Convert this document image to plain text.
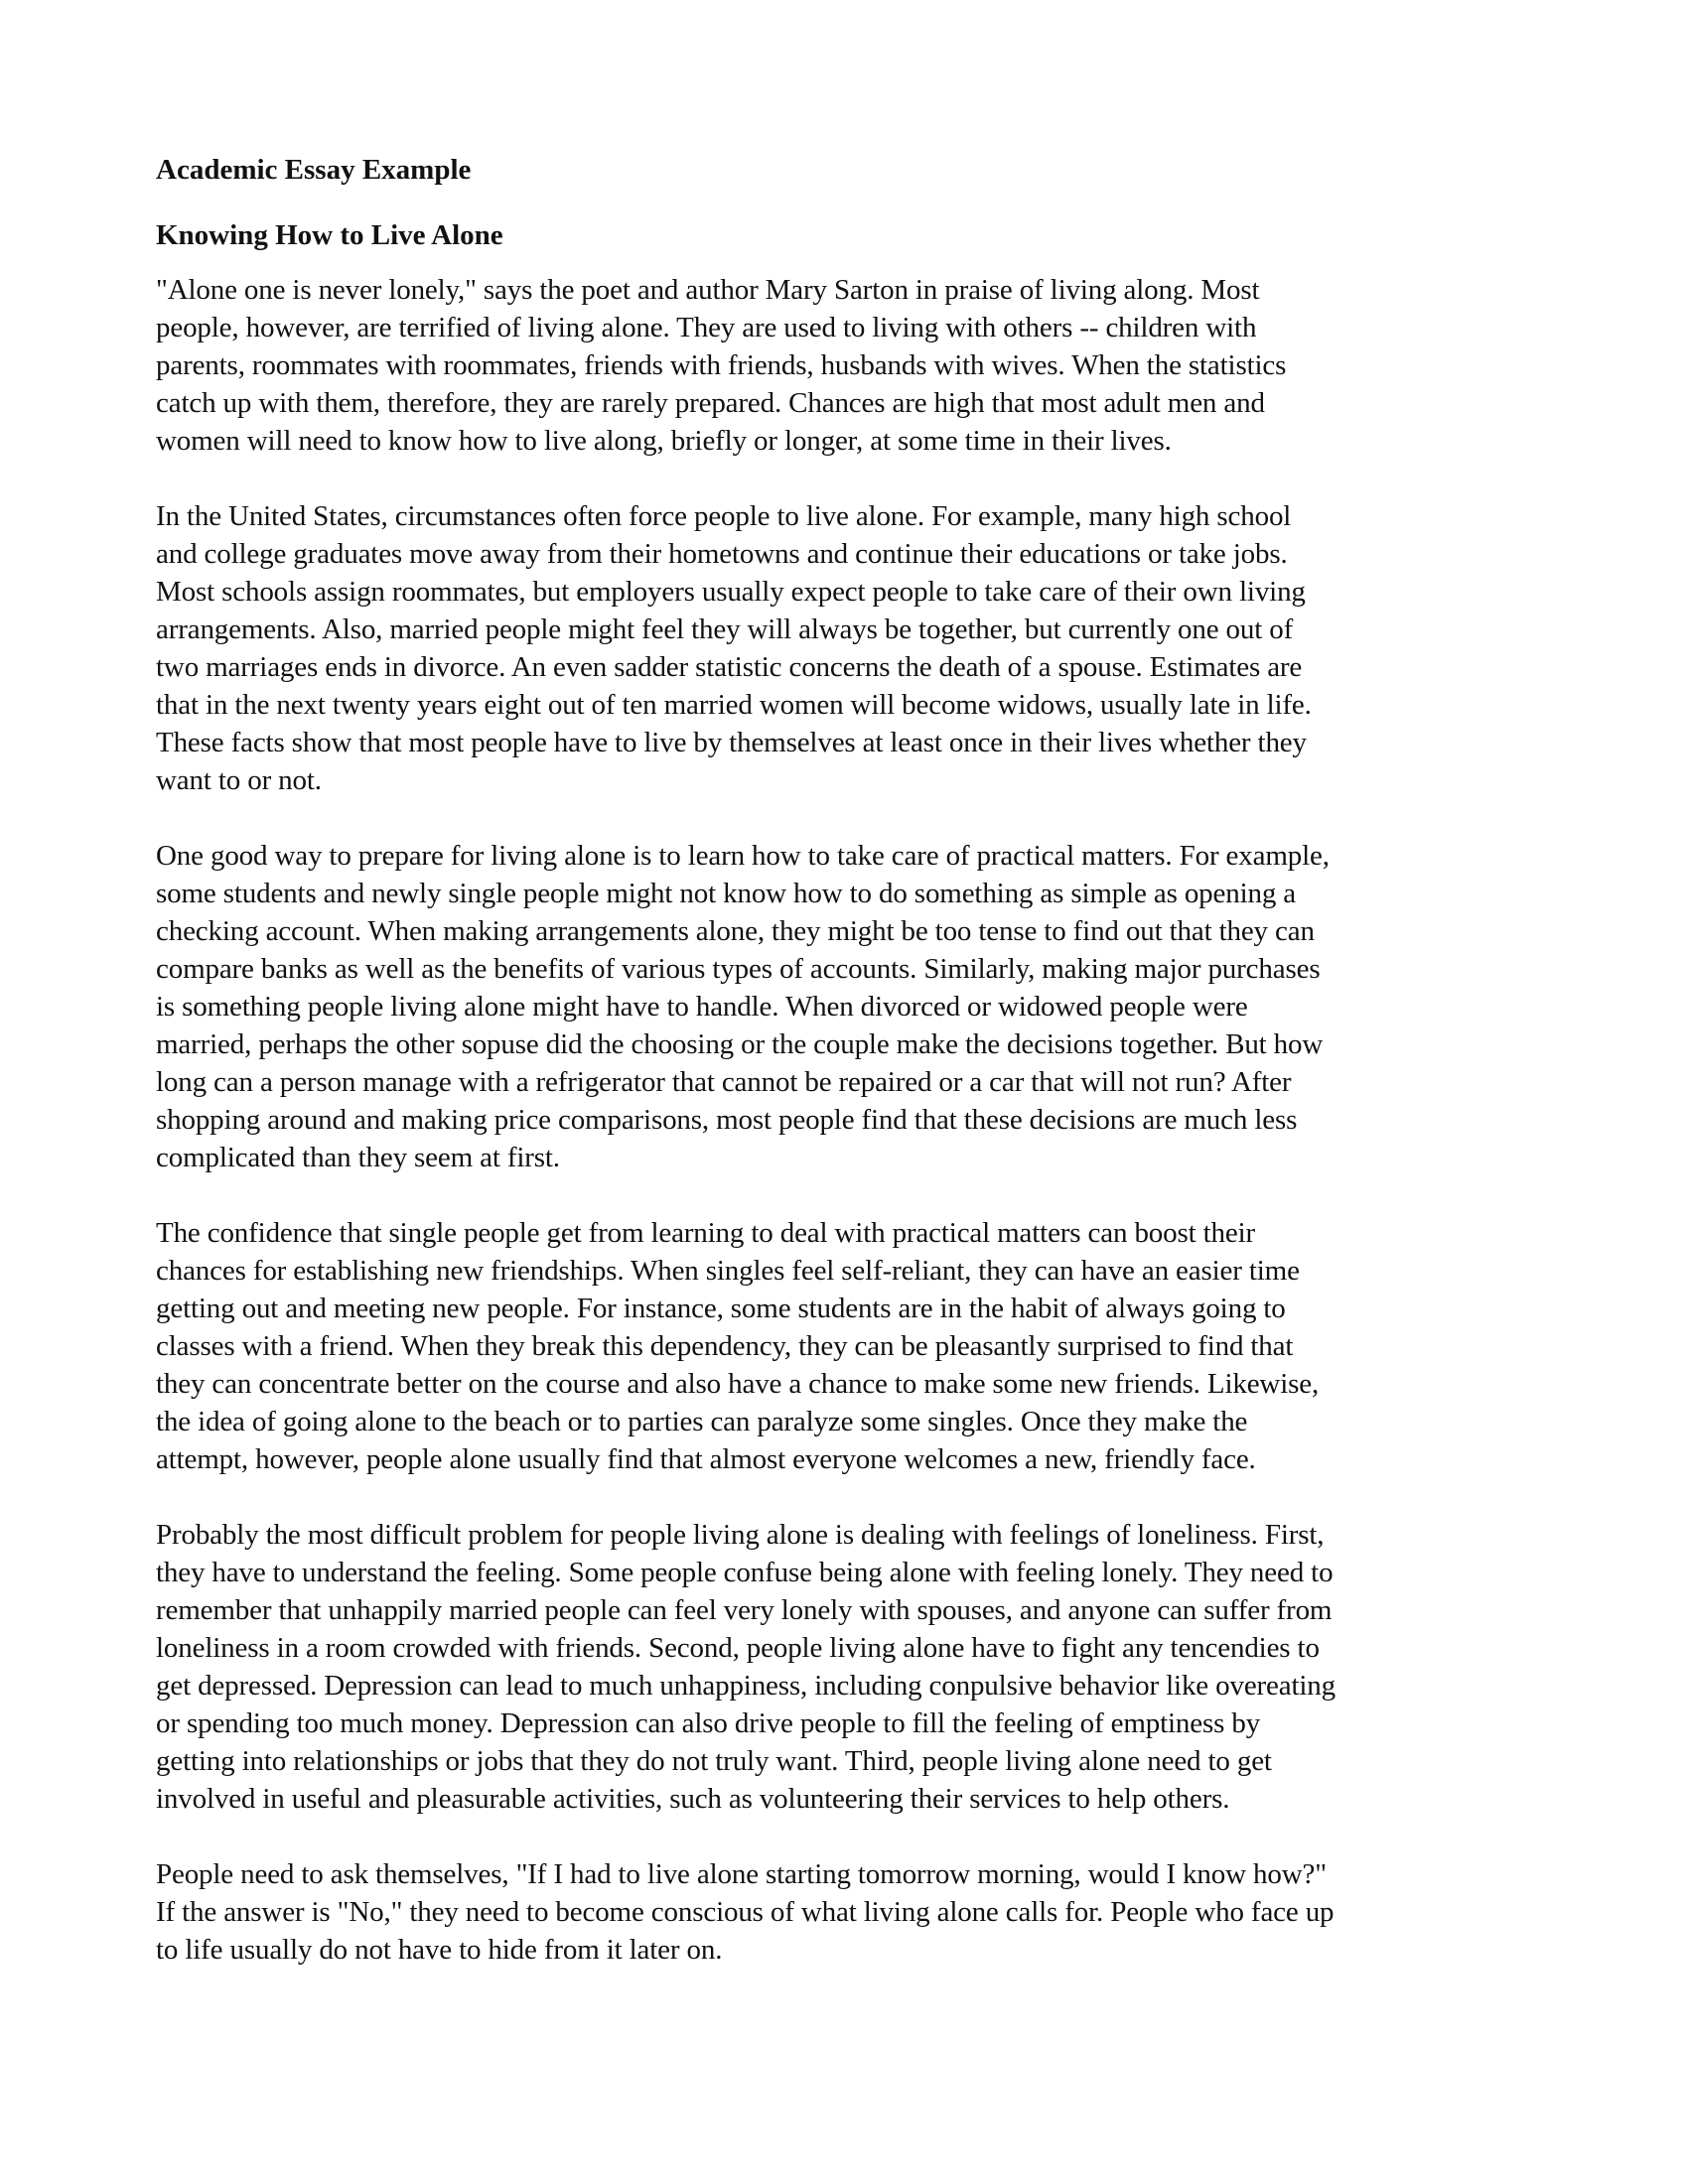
Academic Essay Example
Knowing How to Live Alone

"Alone one is never lonely," says the poet and author Mary Sarton in praise of living along. Most
people, however, are terrified of living alone. They are used to living with others -- children with
parents, roommates with roommates, friends with friends, husbands with wives. When the statistics
catch up with them, therefore, they are rarely prepared. Chances are high that most adult men and
women will need to know how to live along, briefly or longer, at some time in their lives.

In the United States, circumstances often force people to live alone. For example, many high school
and college graduates move away from their hometowns and continue their educations or take jobs.
Most schools assign roommates, but employers usually expect people to take care of their own living
arrangements. Also, married people might feel they will always be together, but currently one out of
two marriages ends in divorce. An even sadder statistic concerns the death of a spouse. Estimates are
that in the next twenty years eight out of ten married women will become widows, usually late in life.
These facts show that most people have to live by themselves at least once in their lives whether they
want to or not.

One good way to prepare for living alone is to learn how to take care of practical matters. For example,
some students and newly single people might not know how to do something as simple as opening a
checking account. When making arrangements alone, they might be too tense to find out that they can
compare banks as well as the benefits of various types of accounts. Similarly, making major purchases
is something people living alone might have to handle. When divorced or widowed people were
married, perhaps the other sopuse did the choosing or the couple make the decisions together. But how
long can a person manage with a refrigerator that cannot be repaired or a car that will not run? After
shopping around and making price comparisons, most people find that these decisions are much less
complicated than they seem at first.

The confidence that single people get from learning to deal with practical matters can boost their
chances for establishing new friendships. When singles feel self-reliant, they can have an easier time
getting out and meeting new people. For instance, some students are in the habit of always going to
classes with a friend. When they break this dependency, they can be pleasantly surprised to find that
they can concentrate better on the course and also have a chance to make some new friends. Likewise,
the idea of going alone to the beach or to parties can paralyze some singles. Once they make the
attempt, however, people alone usually find that almost everyone welcomes a new, friendly face.

Probably the most difficult problem for people living alone is dealing with feelings of loneliness. First,
they have to understand the feeling. Some people confuse being alone with feeling lonely. They need to
remember that unhappily married people can feel very lonely with spouses, and anyone can suffer from
loneliness in a room crowded with friends. Second, people living alone have to fight any tencendies to
get depressed. Depression can lead to much unhappiness, including conpulsive behavior like overeating
or spending too much money. Depression can also drive people to fill the feeling of emptiness by
getting into relationships or jobs that they do not truly want. Third, people living alone need to get
involved in useful and pleasurable activities, such as volunteering their services to help others.

People need to ask themselves, "If I had to live alone starting tomorrow morning, would I know how?"
If the answer is "No," they need to become conscious of what living alone calls for. People who face up
to life usually do not have to hide from it later on.
